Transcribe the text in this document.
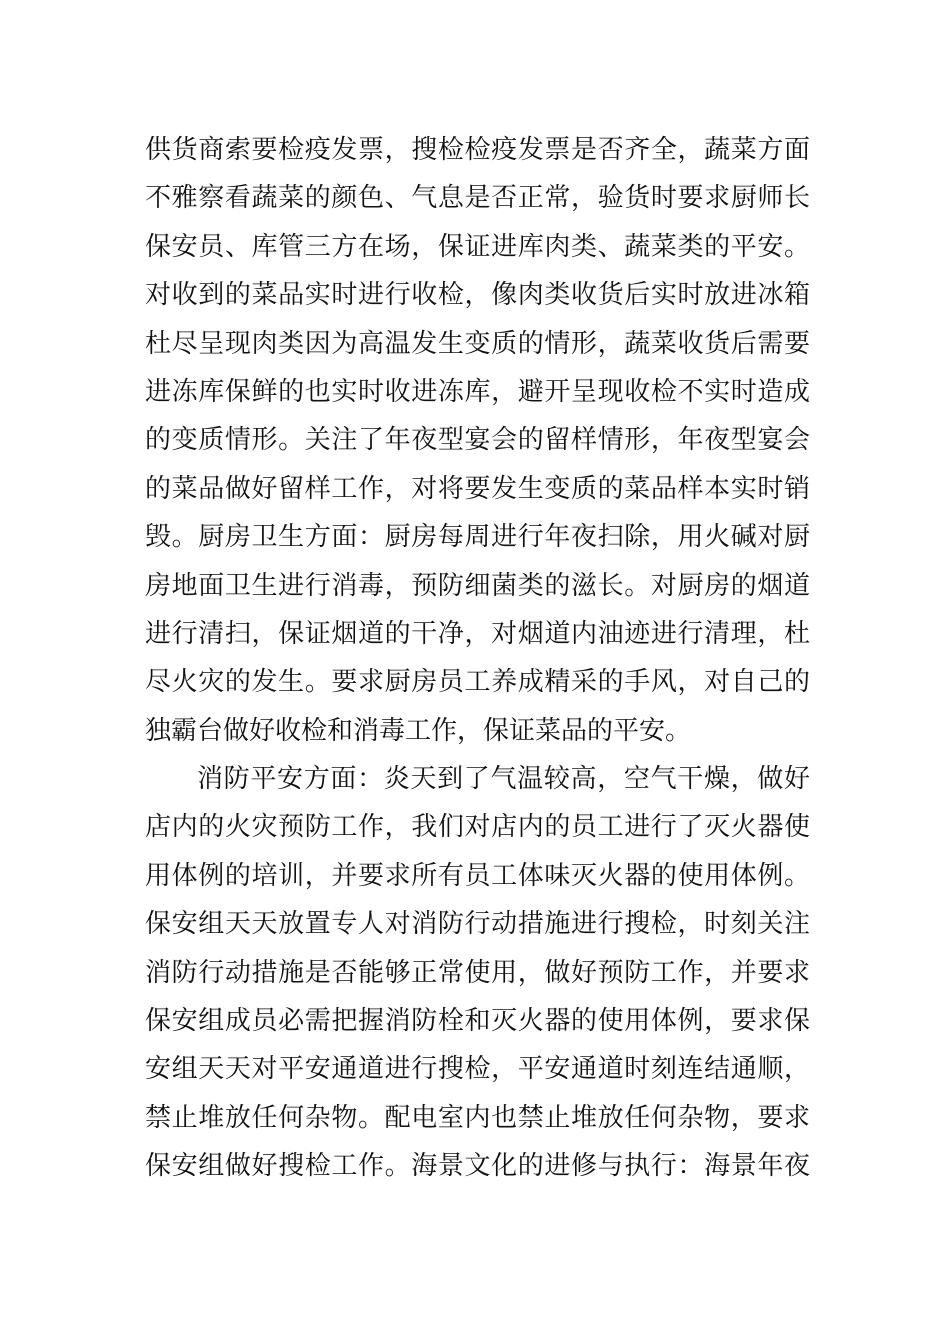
供货商索要检疫发票，搜检检疫发票是否齐全，蔬菜方面
不雅察看蔬菜的颜色、气息是否正常，验货时要求厨师长
保安员、库管三方在场，保证进库肉类、蔬菜类的平安。
对收到的菜品实时进行收检，像肉类收货后实时放进冰箱
杜尽呈现肉类因为高温发生变质的情形，蔬菜收货后需要
进冻库保鲜的也实时收进冻库，避开呈现收检不实时造成
的变质情形。关注了年夜型宴会的留样情形，年夜型宴会
的菜品做好留样工作，对将要发生变质的菜品样本实时销
毁。厨房卫生方面：厨房每周进行年夜扫除，用火碱对厨
房地面卫生进行消毒，预防细菌类的滋长。对厨房的烟道
进行清扫，保证烟道的干净，对烟道内油迹进行清理，杜
尽火灾的发生。要求厨房员工养成精采的手风，对自己的
独霸台做好收检和消毒工作，保证菜品的平安。
消防平安方面：炎天到了气温较高，空气干燥，做好
店内的火灾预防工作，我们对店内的员工进行了灭火器使
用体例的培训，并要求所有员工体味灭火器的使用体例。
保安组天天放置专人对消防行动措施进行搜检，时刻关注
消防行动措施是否能够正常使用，做好预防工作，并要求
保安组成员必需把握消防栓和灭火器的使用体例，要求保
安组天天对平安通道进行搜检，平安通道时刻连结通顺，
禁止堆放任何杂物。配电室内也禁止堆放任何杂物，要求
保安组做好搜检工作。海景文化的进修与执行：海景年夜
